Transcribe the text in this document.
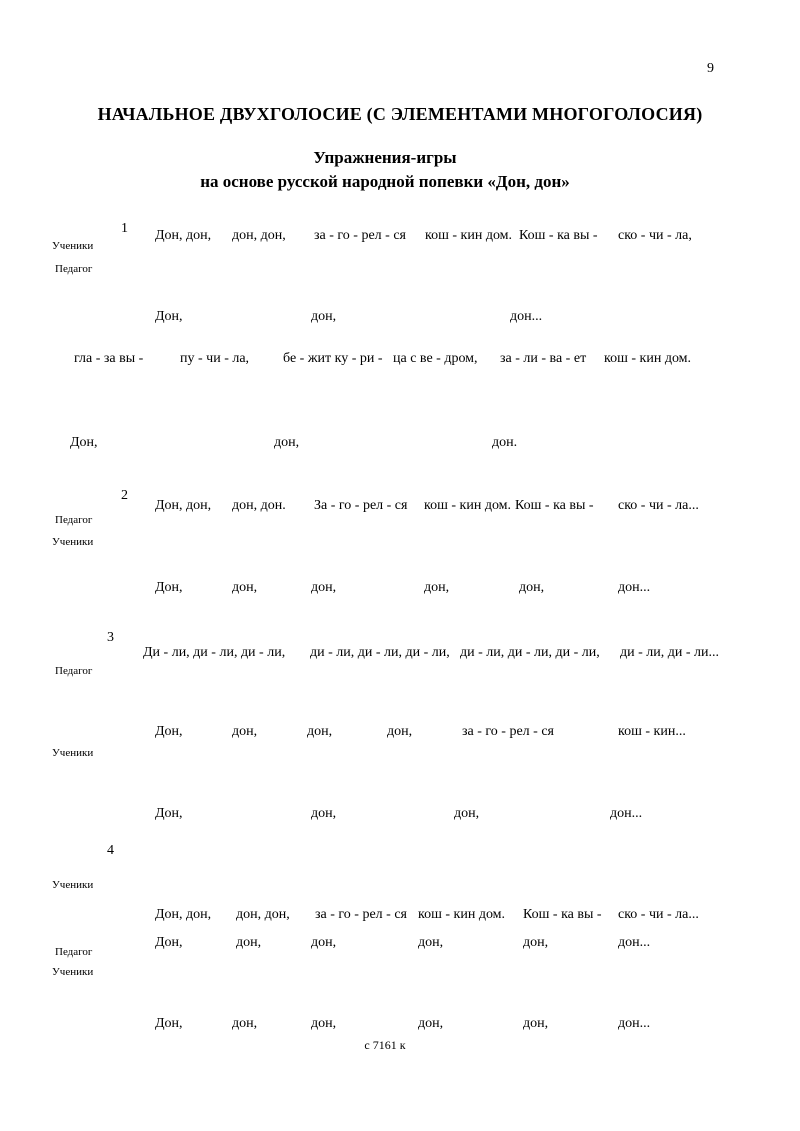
9
НАЧАЛЬНОЕ ДВУХГОЛОСИЕ (С ЭЛЕМЕНТАМИ МНОГОГОЛОСИЯ)
Упражнения-игры
на основе русской народной попевки «Дон, дон»
1
Ученики
Педагог
Дон, дон, дон, дон, за - го - рел - ся кош - кин дом. Кош - ка вы - ско - чи - ла,
Дон,	дон,	дон...
гла - за вы -	пу - чи - ла, бе - жит ку - ри - ца с ве - дром, за - ли - ва - ет кош - кин дом.
Дон,	дон,	дон.
2
Педагог
Ученики
Дон, дон, дон, дон. За - го - рел - ся кош - кин дом. Кош - ка вы - ско - чи - ла...
Дон,	дон,	дон,	дон,	дон,	дон...
3
Педагог
Ученики
Ди - ли, ди - ли, ди - ли, ди - ли, ди - ли, ди - ли, ди - ли, ди - ли, ди - ли, ди - ли, ди - ли...
Дон,	дон,	дон,	дон,	за - го - рел - ся	кош - кин...
Дон,	дон,	дон,	дон...
4
Ученики
Педагог
Ученики
Дон, дон, дон, дон, за - го - рел - ся кош - кин дом. Кош - ка вы - ско - чи - ла...
Дон,	дон,	дон,	дон,	дон,	дон...
Дон,	дон,	дон,	дон,	дон,	дон...
с 7161 к
